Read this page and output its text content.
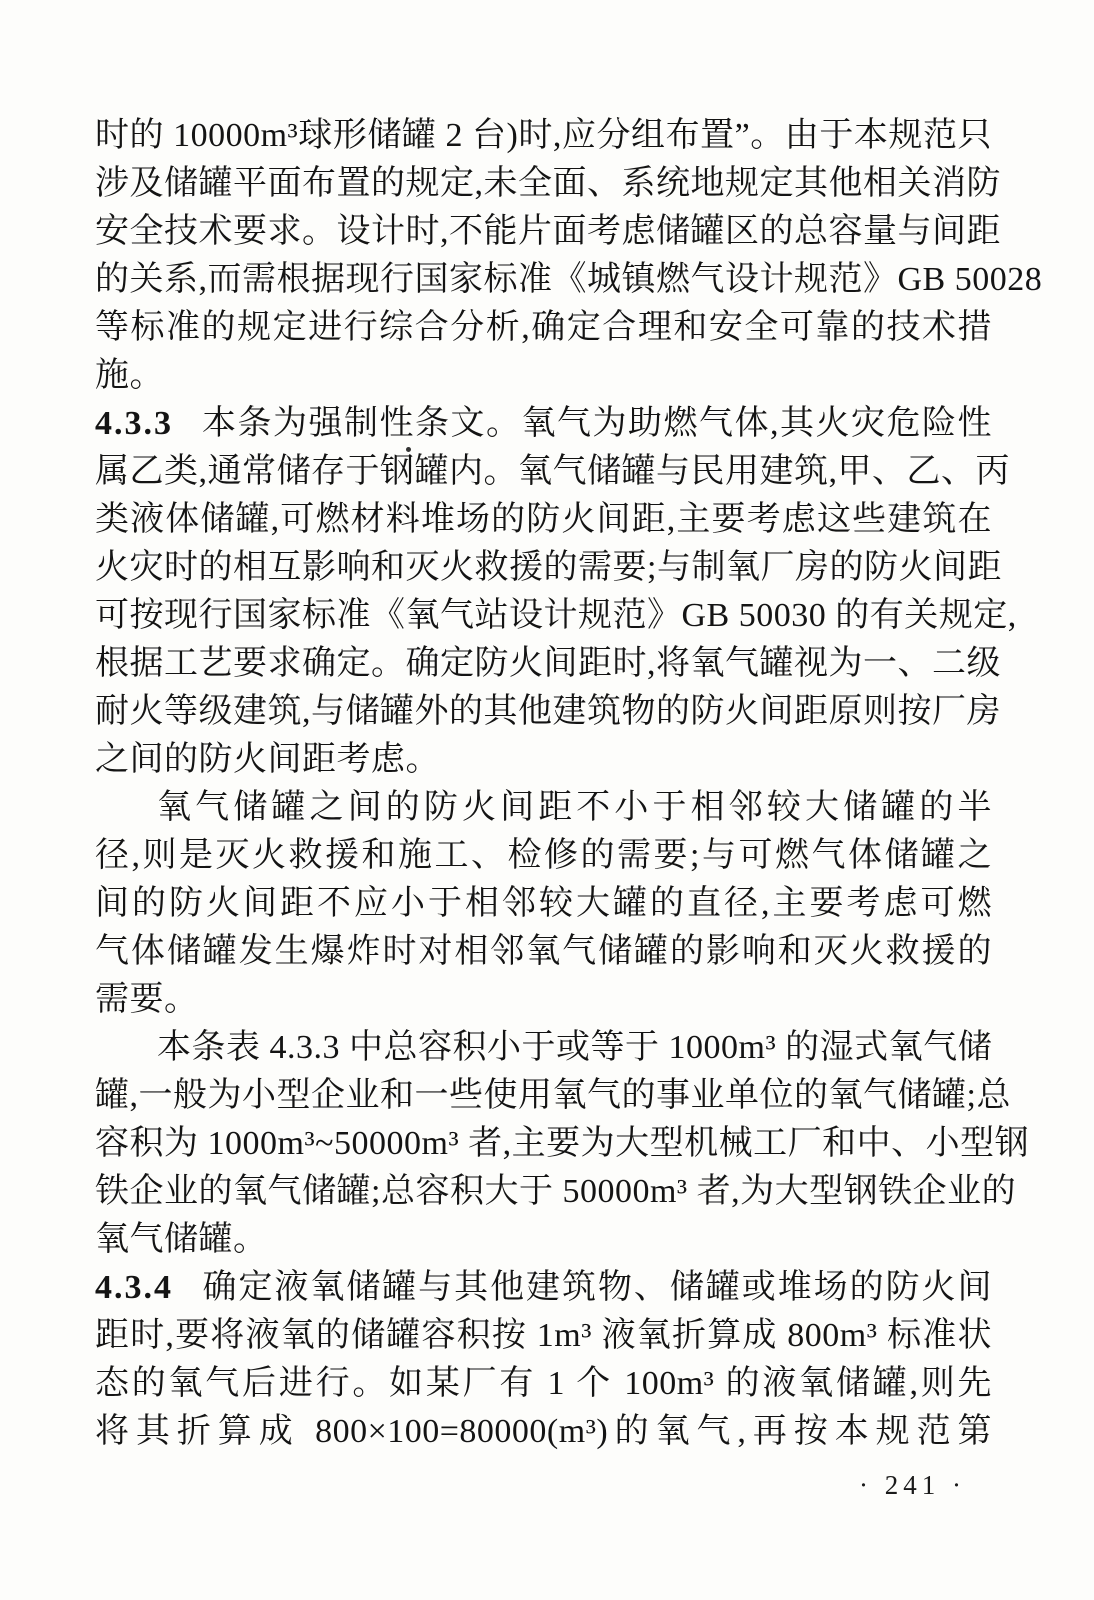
时的 10000m³球形储罐 2 台)时,应分组布置”。由于本规范只
涉及储罐平面布置的规定,未全面、系统地规定其他相关消防
安全技术要求。设计时,不能片面考虑储罐区的总容量与间距
的关系,而需根据现行国家标准《城镇燃气设计规范》GB 50028
等标准的规定进行综合分析,确定合理和安全可靠的技术措
施。
4.3.3 本条为强制性条文。氧气为助燃气体,其火灾危险性
属乙类,通常储存于钢罐内。氧气储罐与民用建筑,甲、乙、丙
类液体储罐,可燃材料堆场的防火间距,主要考虑这些建筑在
火灾时的相互影响和灭火救援的需要;与制氧厂房的防火间距
可按现行国家标准《氧气站设计规范》GB 50030 的有关规定,
根据工艺要求确定。确定防火间距时,将氧气罐视为一、二级
耐火等级建筑,与储罐外的其他建筑物的防火间距原则按厂房
之间的防火间距考虑。
氧气储罐之间的防火间距不小于相邻较大储罐的半
径,则是灭火救援和施工、检修的需要;与可燃气体储罐之
间的防火间距不应小于相邻较大罐的直径,主要考虑可燃
气体储罐发生爆炸时对相邻氧气储罐的影响和灭火救援的
需要。
本条表 4.3.3 中总容积小于或等于 1000m³ 的湿式氧气储
罐,一般为小型企业和一些使用氧气的事业单位的氧气储罐;总
容积为 1000m³~50000m³ 者,主要为大型机械工厂和中、小型钢
铁企业的氧气储罐;总容积大于 50000m³ 者,为大型钢铁企业的
氧气储罐。
4.3.4 确定液氧储罐与其他建筑物、储罐或堆场的防火间
距时,要将液氧的储罐容积按 1m³ 液氧折算成 800m³ 标准状
态的氧气后进行。如某厂有 1 个 100m³ 的液氧储罐,则先
将其折算成 800×100=80000(m³)的氧气,再按本规范第
· 241 ·
